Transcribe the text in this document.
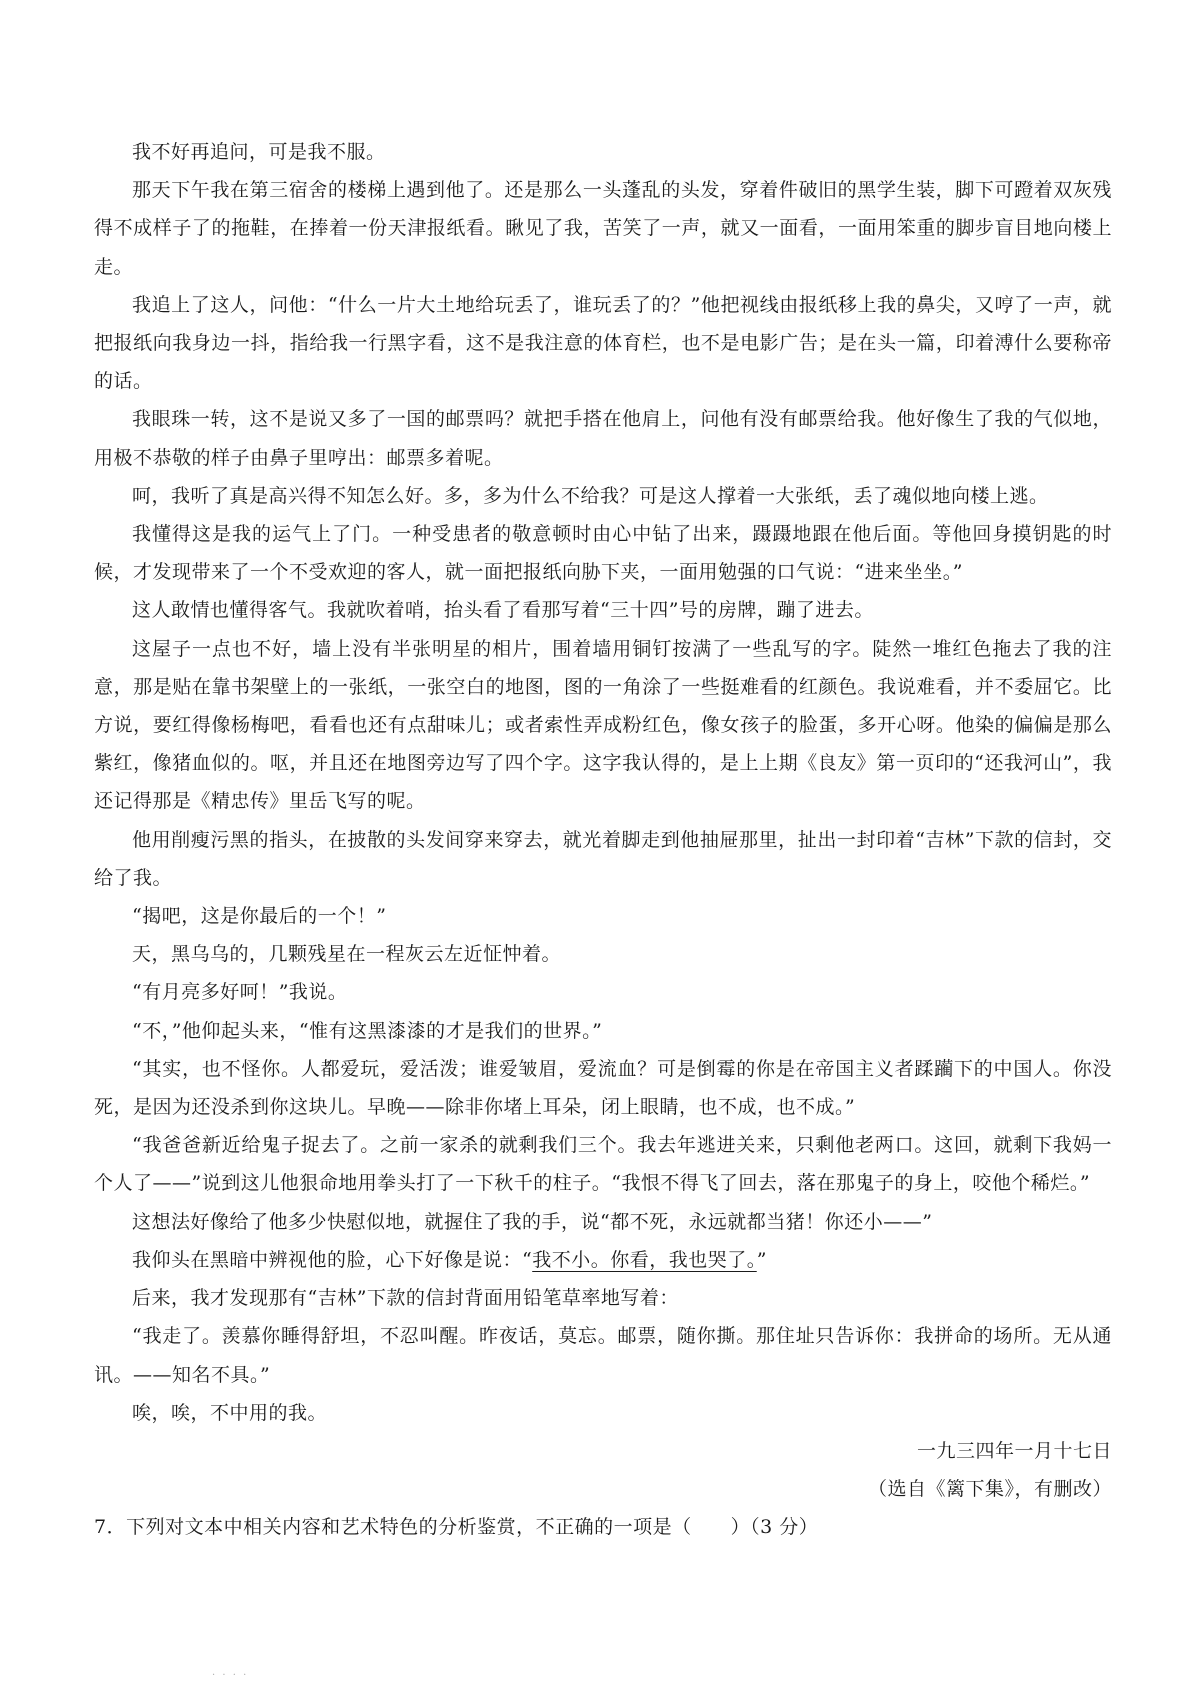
我不好再追问，可是我不服。

那天下午我在第三宿舍的楼梯上遇到他了。还是那么一头蓬乱的头发，穿着件破旧的黑学生装，脚下可蹬着双灰残得不成样子了的拖鞋，在捧着一份天津报纸看。瞅见了我，苦笑了一声，就又一面看，一面用笨重的脚步盲目地向楼上走。

我追上了这人，问他：“什么一片大土地给玩丢了，谁玩丢了的？”他把视线由报纸移上我的鼻尖，又哼了一声，就把报纸向我身边一抖，指给我一行黑字看，这不是我注意的体育栏，也不是电影广告；是在头一篇，印着溥什么要称帝的话。

我眼珠一转，这不是说又多了一国的邮票吗？就把手搭在他肩上，问他有没有邮票给我。他好像生了我的气似地，用极不恭敬的样子由鼻子里哼出：邮票多着呢。

呵，我听了真是高兴得不知怎么好。多，多为什么不给我？可是这人撑着一大张纸，丢了魂似地向楼上逃。

我懂得这是我的运气上了门。一种受患者的敬意顿时由心中钻了出来，蹑蹑地跟在他后面。等他回身摸钥匙的时候，才发现带来了一个不受欢迎的客人，就一面把报纸向胁下夹，一面用勉强的口气说：“进来坐坐。”

这人敢情也懂得客气。我就吹着哨，抬头看了看那写着“三十四”号的房牌，蹦了进去。

这屋子一点也不好，墙上没有半张明星的相片，围着墙用铜钉按满了一些乱写的字。陡然一堆红色拖去了我的注意，那是贴在靠书架壁上的一张纸，一张空白的地图，图的一角涂了一些挺难看的红颜色。我说难看，并不委屈它。比方说，要红得像杨梅吧，看看也还有点甜味儿；或者索性弄成粉红色，像女孩子的脸蛋，多开心呀。他染的偏偏是那么紫红，像猪血似的。呕，并且还在地图旁边写了四个字。这字我认得的，是上上期《良友》第一页印的“还我河山”，我还记得那是《精忠传》里岳飞写的呢。

他用削瘦污黑的指头，在披散的头发间穿来穿去，就光着脚走到他抽屉那里，扯出一封印着“吉林”下款的信封，交给了我。

“揭吧，这是你最后的一个！”

天，黑乌乌的，几颗残星在一程灰云左近怔忡着。

“有月亮多好呵！”我说。

“不，”他仰起头来，“惟有这黑漆漆的才是我们的世界。”

“其实，也不怪你。人都爱玩，爱活泼；谁爱皱眉，爱流血？可是倒霉的你是在帝国主义者蹂躏下的中国人。你没死，是因为还没杀到你这块儿。早晚——除非你堵上耳朵，闭上眼睛，也不成，也不成。”

“我爸爸新近给鬼子捉去了。之前一家杀的就剩我们三个。我去年逃进关来，只剩他老两口。这回，就剩下我妈一个人了——”说到这儿他狠命地用拳头打了一下秋千的柱子。“我恨不得飞了回去，落在那鬼子的身上，咬他个稀烂。”

这想法好像给了他多少快慰似地，就握住了我的手，说“都不死，永远就都当猪！你还小——”

我仰头在黑暗中辨视他的脸，心下好像是说：“我不小。你看，我也哭了。”

后来，我才发现那有“吉林”下款的信封背面用铅笔草率地写着：

“我走了。羡慕你睡得舒坦，不忍叫醒。昨夜话，莫忘。邮票，随你撕。那住址只告诉你：我拼命的场所。无从通讯。——知名不具。”

唉，唉，不中用的我。

一九三四年一月十七日

（选自《篱下集》，有删改）

7．下列对文本中相关内容和艺术特色的分析鉴赏，不正确的一项是（　　）（3 分）

· · · ·
